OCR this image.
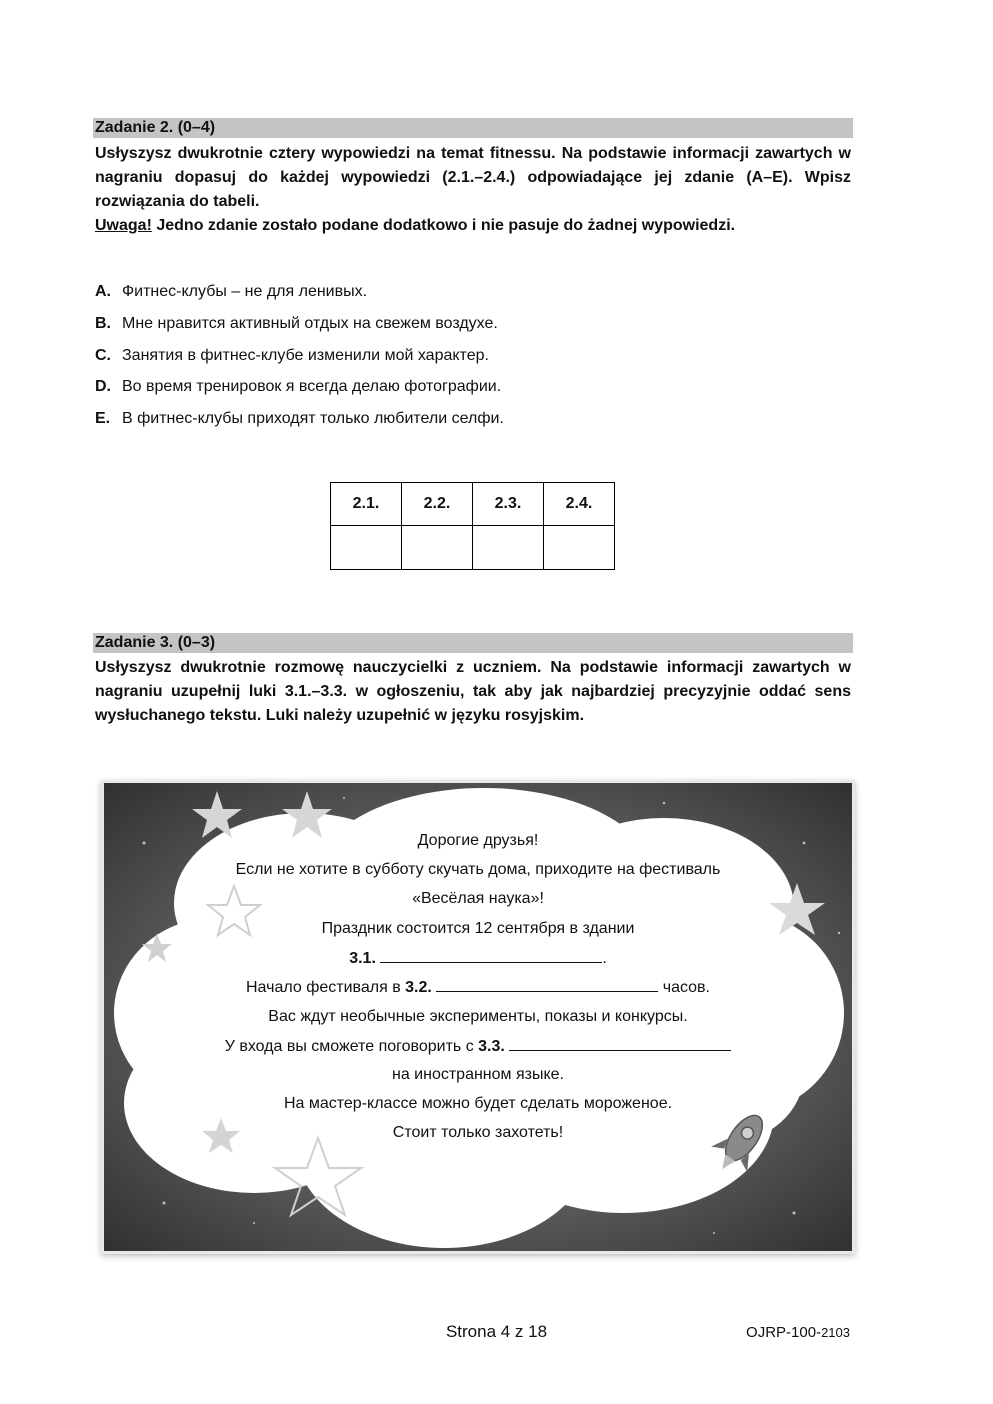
Zadanie 2. (0–4)

Usłyszysz dwukrotnie cztery wypowiedzi na temat fitnessu. Na podstawie informacji zawartych w nagraniu dopasuj do każdej wypowiedzi (2.1.–2.4.) odpowiadające jej zdanie (A–E). Wpisz rozwiązania do tabeli.

Uwaga! Jedno zdanie zostało podane dodatkowo i nie pasuje do żadnej wypowiedzi.

A. Фитнес-клубы – не для ленивых.
B. Мне нравится активный отдых на свежем воздухе.
C. Занятия в фитнес-клубе изменили мой характер.
D. Во время тренировок я всегда делаю фотографии.
E. В фитнес-клубы приходят только любители селфи.
2.1.	2.2.	2.3.	2.4.

Zadanie 3. (0–3)

Usłyszysz dwukrotnie rozmowę nauczycielki z uczniem. Na podstawie informacji zawartych w nagraniu uzupełnij luki 3.1.–3.3. w ogłoszeniu, tak aby jak najbardziej precyzyjnie oddać sens wysłuchanego tekstu. Luki należy uzupełnić w języku rosyjskim.

Дорогие друзья!
Если не хотите в субботу скучать дома, приходите на фестиваль
«Весёлая наука»!
Праздник состоится 12 сентября в здании
3.1.	.
Начало фестиваля в 3.2.	часов.
Вас ждут необычные эксперименты, показы и конкурсы.
У входа вы сможете поговорить с 3.3.
на иностранном языке.
На мастер-классе можно будет сделать мороженое.
Стоит только захотеть!
Strona 4 z 18	OJRP-100-2103
